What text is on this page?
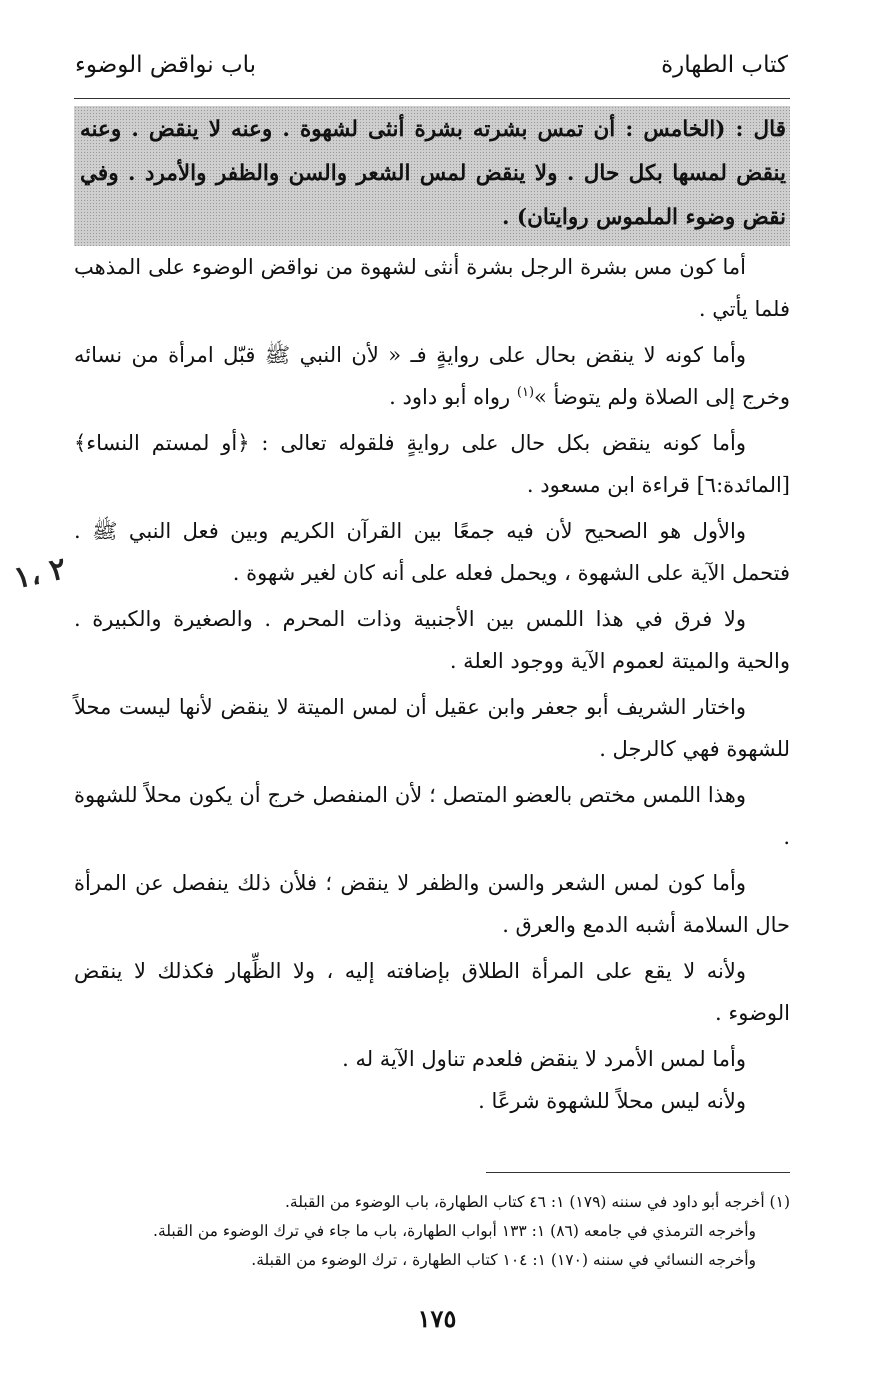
كتاب الطهارة
باب نواقض الوضوء
قال : (الخامس : أن تمس بشرته بشرة أنثى لشهوة . وعنه لا ينقض . وعنه ينقض لمسها بكل حال . ولا ينقض لمس الشعر والسن والظفر والأمرد . وفي نقض وضوء الملموس روايتان) .

أما كون مس بشرة الرجل بشرة أنثى لشهوة من نواقض الوضوء على المذهب فلما يأتي .

وأما كونه لا ينقض بحال على روايةٍ فـ « لأن النبي ﷺ قبّل امرأة من نسائه وخرج إلى الصلاة ولم يتوضأ »$^{(١)}$ رواه أبو داود .

وأما كونه ينقض بكل حال على روايةٍ فلقوله تعالى : ﴿أو لمستم النساء﴾ [المائدة:٦] قراءة ابن مسعود .

والأول هو الصحيح لأن فيه جمعًا بين القرآن الكريم وبين فعل النبي ﷺ . فتحمل الآية على الشهوة ، ويحمل فعله على أنه كان لغير شهوة .

ولا فرق في هذا اللمس بين الأجنبية وذات المحرم . والصغيرة والكبيرة . والحية والميتة لعموم الآية ووجود العلة .

واختار الشريف أبو جعفر وابن عقيل أن لمس الميتة لا ينقض لأنها ليست محلاً للشهوة فهي كالرجل .

وهذا اللمس مختص بالعضو المتصل ؛ لأن المنفصل خرج أن يكون محلاً للشهوة .

وأما كون لمس الشعر والسن والظفر لا ينقض ؛ فلأن ذلك ينفصل عن المرأة حال السلامة أشبه الدمع والعرق .

ولأنه لا يقع على المرأة الطلاق بإضافته إليه ، ولا الظِّهار فكذلك لا ينقض الوضوء .

وأما لمس الأمرد لا ينقض فلعدم تناول الآية له .

ولأنه ليس محلاً للشهوة شرعًا .

٢ ،١

(١) أخرجه أبو داود في سننه (١٧٩) ١: ٤٦ كتاب الطهارة، باب الوضوء من القبلة.

وأخرجه الترمذي في جامعه (٨٦) ١: ١٣٣ أبواب الطهارة، باب ما جاء في ترك الوضوء من القبلة.

وأخرجه النسائي في سننه (١٧٠) ١: ١٠٤ كتاب الطهارة ، ترك الوضوء من القبلة.

١٧٥
